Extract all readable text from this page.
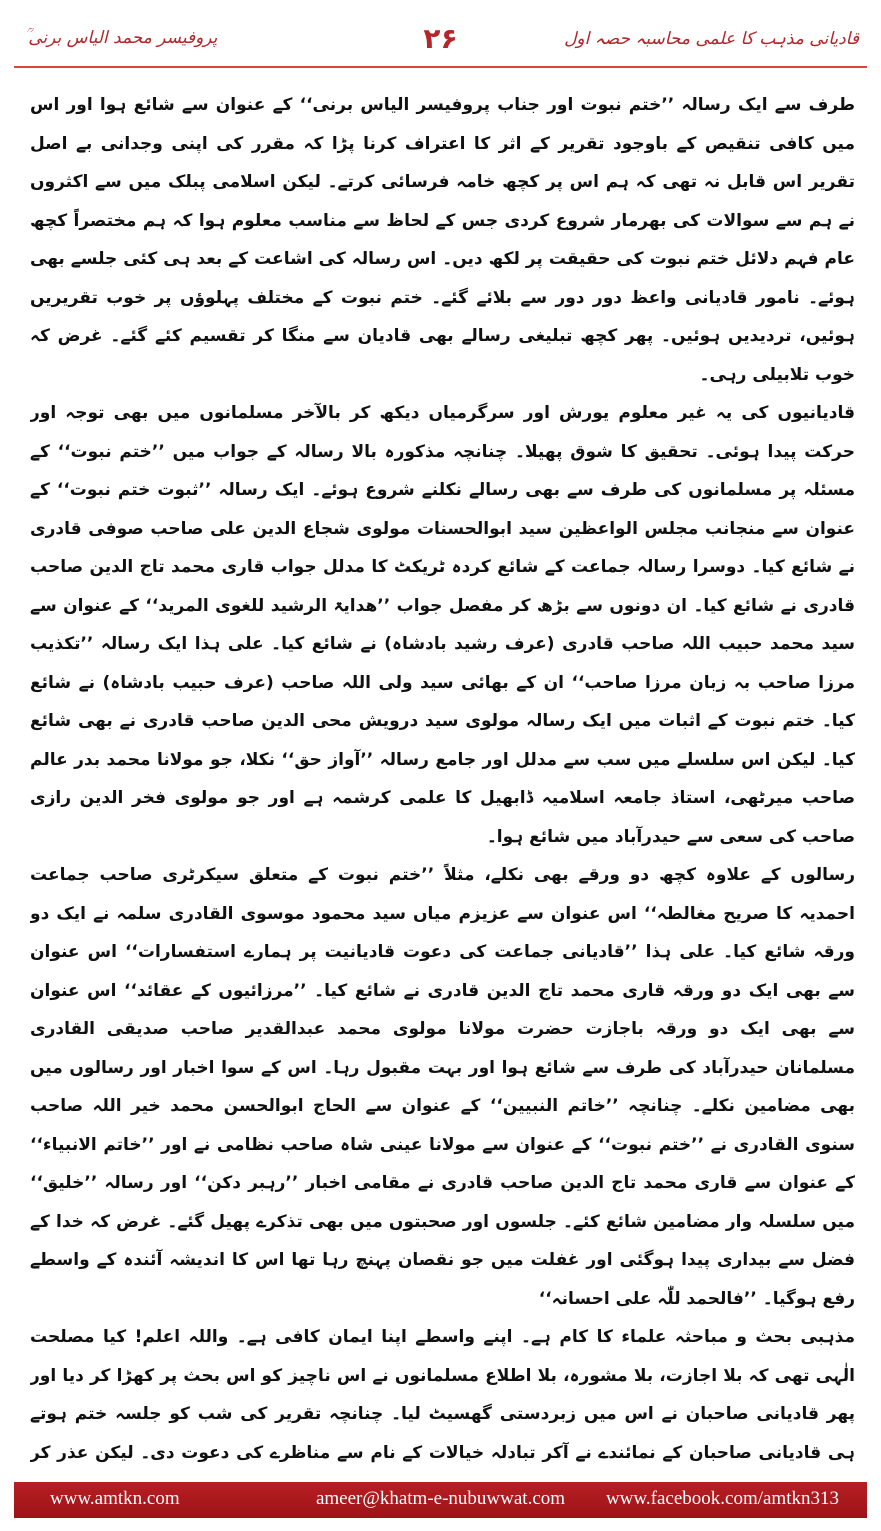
قادیانی مذہب کا علمی محاسبہ حصہ اول
۲۶
پروفیسر محمد الیاس برنی ؒ

طرف سے ایک رسالہ ’’ختم نبوت اور جناب پروفیسر الیاس برنی‘‘ کے عنوان سے شائع ہوا اور اس میں کافی تنقیص کے باوجود تقریر کے اثر کا اعتراف کرنا پڑا کہ مقرر کی اپنی وجدانی بے اصل تقریر اس قابل نہ تھی کہ ہم اس پر کچھ خامہ فرسائی کرتے۔ لیکن اسلامی پبلک میں سے اکثروں نے ہم سے سوالات کی بھرمار شروع کردی جس کے لحاظ سے مناسب معلوم ہوا کہ ہم مختصراً کچھ عام فہم دلائل ختم نبوت کی حقیقت پر لکھ دیں۔ اس رسالہ کی اشاعت کے بعد ہی کئی جلسے بھی ہوئے۔ نامور قادیانی واعظ دور دور سے بلائے گئے۔ ختم نبوت کے مختلف پہلوؤں پر خوب تقریریں ہوئیں، تردیدیں ہوئیں۔ پھر کچھ تبلیغی رسالے بھی قادیان سے منگا کر تقسیم کئے گئے۔ غرض کہ خوب تلابیلی رہی۔

قادیانیوں کی یہ غیر معلوم یورش اور سرگرمیاں دیکھ کر بالآخر مسلمانوں میں بھی توجہ اور حرکت پیدا ہوئی۔ تحقیق کا شوق پھیلا۔ چنانچہ مذکورہ بالا رسالہ کے جواب میں ’’ختم نبوت‘‘ کے مسئلہ پر مسلمانوں کی طرف سے بھی رسالے نکلنے شروع ہوئے۔ ایک رسالہ ’’ثبوت ختم نبوت‘‘ کے عنوان سے منجانب مجلس الواعظین سید ابوالحسنات مولوی شجاع الدین علی صاحب صوفی قادری نے شائع کیا۔ دوسرا رسالہ جماعت کے شائع کردہ ٹریکٹ کا مدلل جواب قاری محمد تاج الدین صاحب قادری نے شائع کیا۔ ان دونوں سے بڑھ کر مفصل جواب ’’ھدایۃ الرشید للغوی المرید‘‘ کے عنوان سے سید محمد حبیب اللہ صاحب قادری (عرف رشید بادشاہ) نے شائع کیا۔ علی ہذا ایک رسالہ ’’تکذیب مرزا صاحب بہ زبان مرزا صاحب‘‘ ان کے بھائی سید ولی اللہ صاحب (عرف حبیب بادشاہ) نے شائع کیا۔ ختم نبوت کے اثبات میں ایک رسالہ مولوی سید درویش محی الدین صاحب قادری نے بھی شائع کیا۔ لیکن اس سلسلے میں سب سے مدلل اور جامع رسالہ ’’آواز حق‘‘ نکلا، جو مولانا محمد بدر عالم صاحب میرٹھی، استاذ جامعہ اسلامیہ ڈابھیل کا علمی کرشمہ ہے اور جو مولوی فخر الدین رازی صاحب کی سعی سے حیدرآباد میں شائع ہوا۔

رسالوں کے علاوہ کچھ دو ورقے بھی نکلے، مثلاً ’’ختم نبوت کے متعلق سیکرٹری صاحب جماعت احمدیہ کا صریح مغالطہ‘‘ اس عنوان سے عزیزم میاں سید محمود موسوی القادری سلمہ نے ایک دو ورقہ شائع کیا۔ علی ہذا ’’قادیانی جماعت کی دعوت قادیانیت پر ہمارے استفسارات‘‘ اس عنوان سے بھی ایک دو ورقہ قاری محمد تاج الدین قادری نے شائع کیا۔ ’’مرزائیوں کے عقائد‘‘ اس عنوان سے بھی ایک دو ورقہ باجازت حضرت مولانا مولوی محمد عبدالقدیر صاحب صدیقی القادری مسلمانان حیدرآباد کی طرف سے شائع ہوا اور بہت مقبول رہا۔ اس کے سوا اخبار اور رسالوں میں بھی مضامین نکلے۔ چنانچہ ’’خاتم النبیین‘‘ کے عنوان سے الحاج ابوالحسن محمد خیر اللہ صاحب سنوی القادری نے ’’ختم نبوت‘‘ کے عنوان سے مولانا عینی شاہ صاحب نظامی نے اور ’’خاتم الانبیاء‘‘ کے عنوان سے قاری محمد تاج الدین صاحب قادری نے مقامی اخبار ’’رہبر دکن‘‘ اور رسالہ ’’خلیق‘‘ میں سلسلہ وار مضامین شائع کئے۔ جلسوں اور صحبتوں میں بھی تذکرے پھیل گئے۔ غرض کہ خدا کے فضل سے بیداری پیدا ہوگئی اور غفلت میں جو نقصان پہنچ رہا تھا اس کا اندیشہ آئندہ کے واسطے رفع ہوگیا۔ ’’فالحمد للّٰہ علی احسانہ‘‘

مذہبی بحث و مباحثہ علماء کا کام ہے۔ اپنے واسطے اپنا ایمان کافی ہے۔ واللہ اعلم! کیا مصلحت الٰہی تھی کہ بلا اجازت، بلا مشورہ، بلا اطلاع مسلمانوں نے اس ناچیز کو اس بحث پر کھڑا کر دیا اور پھر قادیانی صاحبان نے اس میں زبردستی گھسیٹ لیا۔ چنانچہ تقریر کی شب کو جلسہ ختم ہوتے ہی قادیانی صاحبان کے نمائندے نے آکر تبادلہ خیالات کے نام سے مناظرے کی دعوت دی۔ لیکن عذر کر

www.amtkn.com	ameer@khatm-e-nubuwwat.com	www.facebook.com/amtkn313
